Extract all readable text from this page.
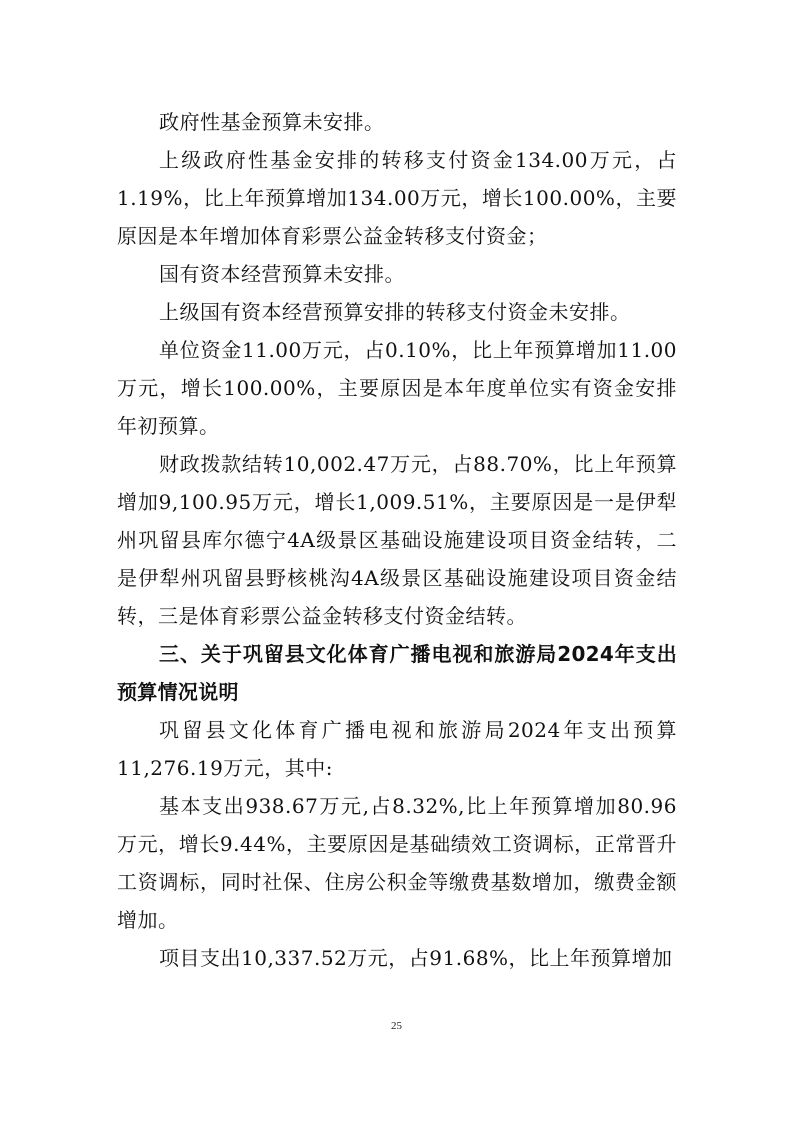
政府性基金预算未安排。

上级政府性基金安排的转移支付资金134.00万元，占1.19%，比上年预算增加134.00万元，增长100.00%，主要原因是本年增加体育彩票公益金转移支付资金；

国有资本经营预算未安排。

上级国有资本经营预算安排的转移支付资金未安排。

单位资金11.00万元，占0.10%，比上年预算增加11.00万元，增长100.00%，主要原因是本年度单位实有资金安排年初预算。

财政拨款结转10,002.47万元，占88.70%，比上年预算增加9,100.95万元，增长1,009.51%，主要原因是一是伊犁州巩留县库尔德宁4A级景区基础设施建设项目资金结转，二是伊犁州巩留县野核桃沟4A级景区基础设施建设项目资金结转，三是体育彩票公益金转移支付资金结转。

三、关于巩留县文化体育广播电视和旅游局2024年支出预算情况说明

巩留县文化体育广播电视和旅游局2024年支出预算11,276.19万元，其中:

基本支出938.67万元,占8.32%,比上年预算增加80.96万元，增长9.44%，主要原因是基础绩效工资调标，正常晋升工资调标，同时社保、住房公积金等缴费基数增加，缴费金额增加。

项目支出10,337.52万元，占91.68%，比上年预算增加

25
